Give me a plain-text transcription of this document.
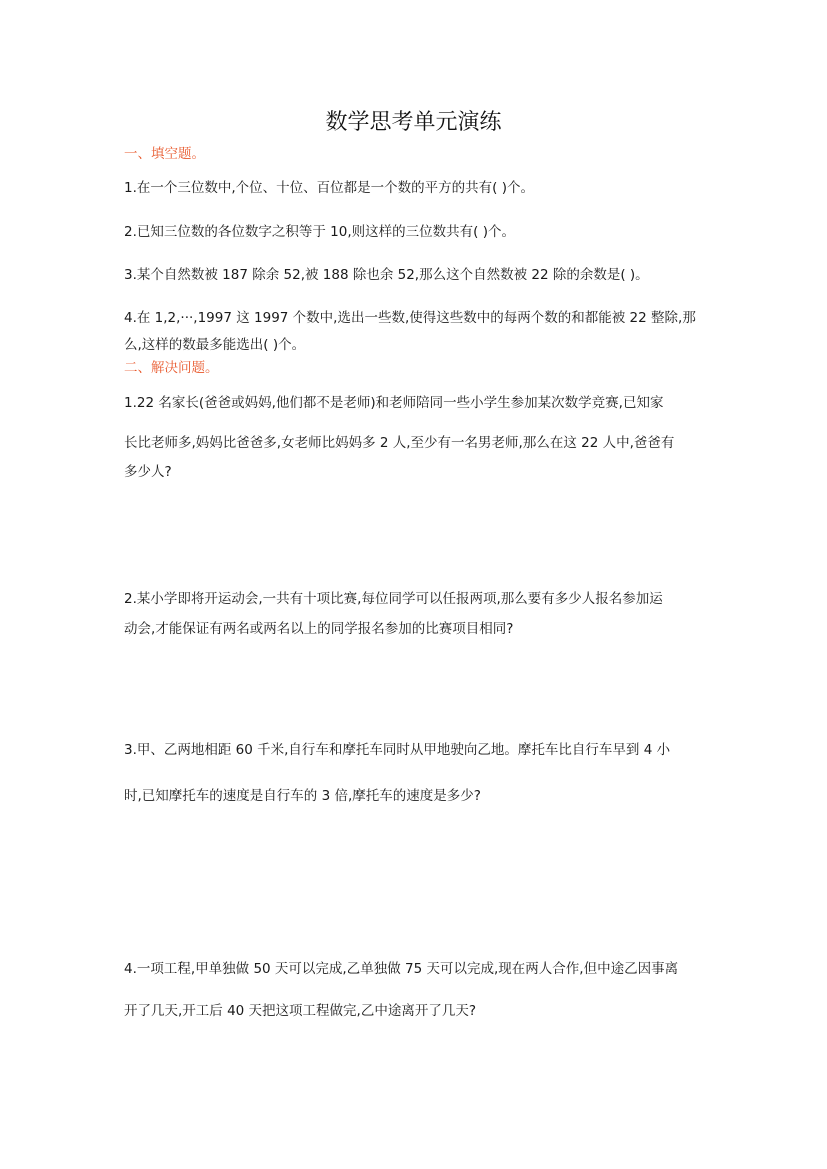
数学思考单元演练
一、填空题。
1.在一个三位数中,个位、十位、百位都是一个数的平方的共有( )个。
2.已知三位数的各位数字之积等于 10,则这样的三位数共有( )个。
3.某个自然数被 187 除余 52,被 188 除也余 52,那么这个自然数被 22 除的余数是( )。
4.在 1,2,···,1997 这 1997 个数中,选出一些数,使得这些数中的每两个数的和都能被 22 整除,那
么,这样的数最多能选出( )个。
二、解决问题。
1.22 名家长(爸爸或妈妈,他们都不是老师)和老师陪同一些小学生参加某次数学竞赛,已知家
长比老师多,妈妈比爸爸多,女老师比妈妈多 2 人,至少有一名男老师,那么在这 22 人中,爸爸有
多少人?
2.某小学即将开运动会,一共有十项比赛,每位同学可以任报两项,那么要有多少人报名参加运
动会,才能保证有两名或两名以上的同学报名参加的比赛项目相同?
3.甲、乙两地相距 60 千米,自行车和摩托车同时从甲地驶向乙地。摩托车比自行车早到 4 小
时,已知摩托车的速度是自行车的 3 倍,摩托车的速度是多少?
4.一项工程,甲单独做 50 天可以完成,乙单独做 75 天可以完成,现在两人合作,但中途乙因事离
开了几天,开工后 40 天把这项工程做完,乙中途离开了几天?
